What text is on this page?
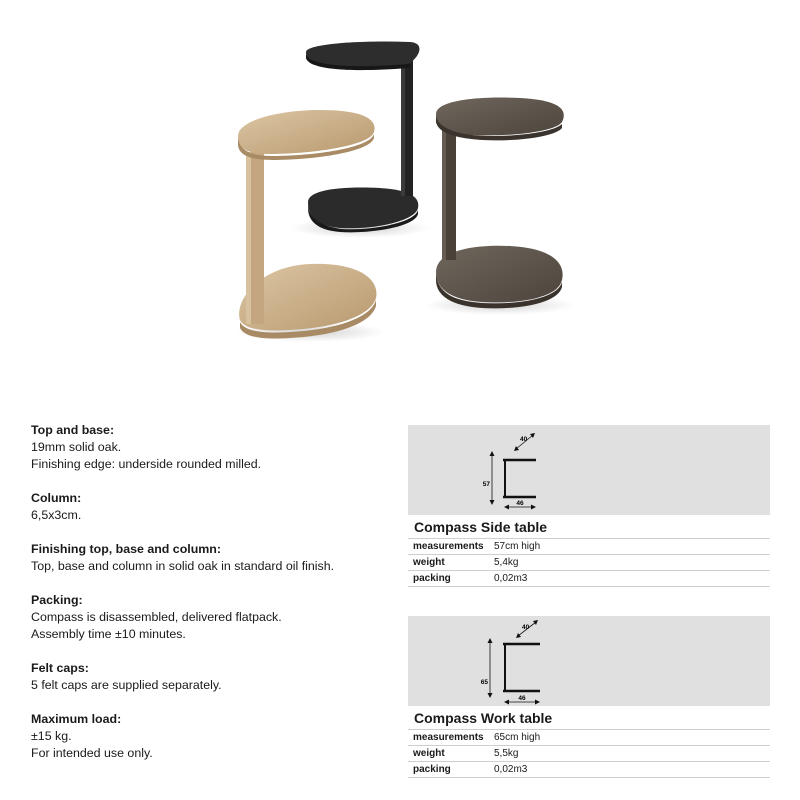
Top and base:
19mm solid oak.
Finishing edge: underside rounded milled.
Column:
6,5x3cm.
Finishing top, base and column:
Top, base and column in solid oak in standard oil finish.
Packing:
Compass is disassembled, delivered flatpack.
Assembly time ±10 minutes.
Felt caps:
5 felt caps are supplied separately.
Maximum load:
±15 kg.
For intended use only.
57
46
40
Compass Side table
measurements	57cm high
weight	5,4kg
packing	0,02m3
65
46
40
Compass Work table
measurements	65cm high
weight	5,5kg
packing	0,02m3
